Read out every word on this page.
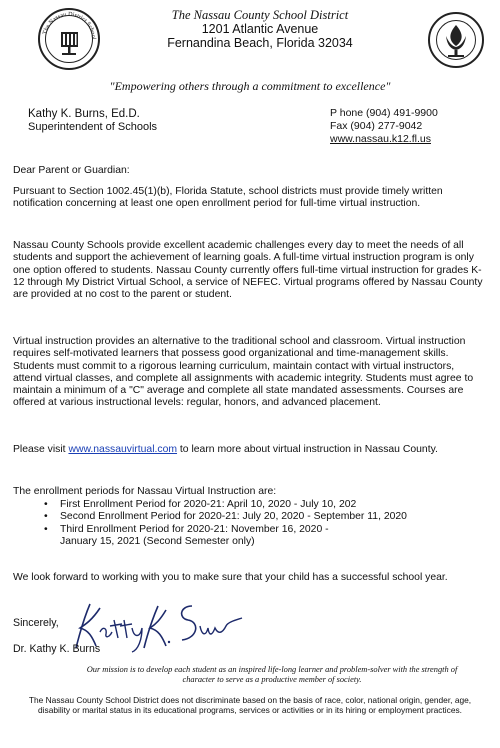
The Nassau District School
The Nassau County School District
1201 Atlantic Avenue
Fernandina Beach, Florida 32034
"Empowering others through a commitment to excellence"
Kathy K. Burns, Ed.D.
Superintendent of Schools
P hone (904) 491-9900
Fax (904) 277-9042
www.nassau.k12.fl.us

Dear Parent or Guardian:

Pursuant to Section 1002.45(1)(b), Florida Statute, school districts must provide timely written notification concerning at least one open enrollment period for full-time virtual instruction.

Nassau County Schools provide excellent academic challenges every day to meet the needs of all students and support the achievement of learning goals. A full-time virtual instruction program is only one option offered to students. Nassau County currently offers full-time virtual instruction for grades K-12 through My District Virtual School, a service of NEFEC. Virtual programs offered by Nassau County are provided at no cost to the parent or student.

Virtual instruction provides an alternative to the traditional school and classroom. Virtual instruction requires self-motivated learners that possess good organizational and time-management skills. Students must commit to a rigorous learning curriculum, maintain contact with virtual instructors, attend virtual classes, and complete all assignments with academic integrity. Students must agree to maintain a minimum of a "C" average and complete all state mandated assessments. Courses are offered at various instructional levels: regular, honors, and advanced placement.

Please visit www.nassauvirtual.com to learn more about virtual instruction in Nassau County.

The enrollment periods for Nassau Virtual Instruction are:

• First Enrollment Period for 2020-21: April 10, 2020 - July 10, 202
• Second Enrollment Period for 2020-21: July 20, 2020 - September 11, 2020
• Third Enrollment Period for 2020-21: November 16, 2020 - January 15, 2021 (Second Semester only)

We look forward to working with you to make sure that your child has a successful school year.

Sincerely,
Dr. Kathy K. Burns
Our mission is to develop each student as an inspired life-long learner and problem-solver with the strength of character to serve as a productive member of society.
The Nassau County School District does not discriminate based on the basis of race, color, national origin, gender, age, disability or marital status in its educational programs, services or activities or in its hiring or employment practices.
